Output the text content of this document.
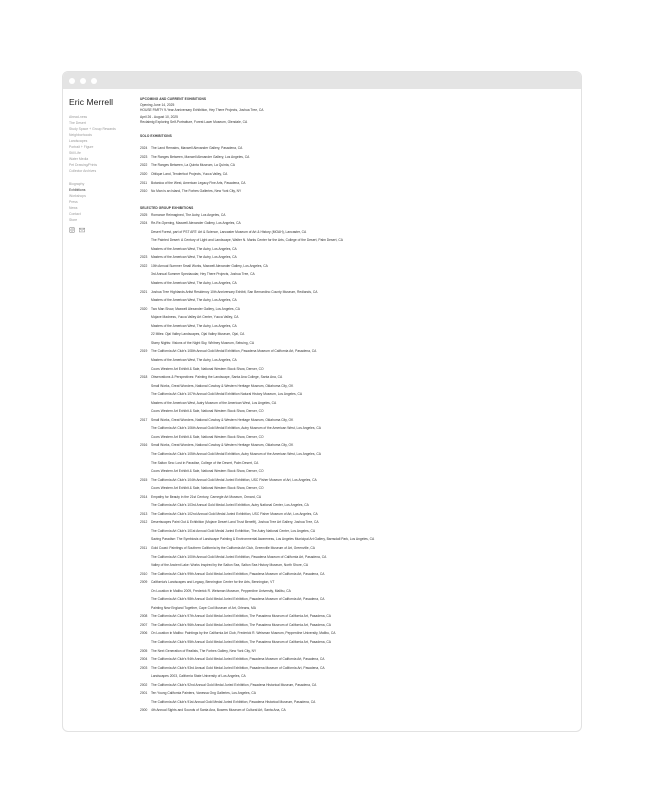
Eric Merrell
Ahead-ness
The Desert
Study Space + Group Rewards
Neighborhoods
Landscapes
Portrait + Figure
Still Life
Water Media
Pet Drawing/Prints
Collector Archives
Biography
Exhibitions
Workshops
Press
News
Contact
Store
UPCOMING AND CURRENT EXHIBITIONS
Opening June 14, 2025
HOUSE PARTY 9-Year Anniversary Exhibition, Hey There Projects, Joshua Tree, CA
April 26 - August 10, 2025
Reclaimig Exploring Self-Portraiture, Forest Lawn Museum, Glendale, CA
SOLO EXHIBITIONS
2024	The Land Remains, Maxwell Alexander Gallery, Pasadena, CA
2023	The Ranges Between, Maxwell Alexander Gallery, Los Angeles, CA
2022	The Ranges Between, La Quinta Museum, La Quinta, CA
2020	Oblique Land, Tenderfoot Projects, Yucca Valley, CA
2011	Botanica of the West, American Legacy Fine Arts, Pasadena, CA
2010	No Man is an Island, The Forbes Galleries, New York City, NY
SELECTED GROUP EXHIBITIONS
2025	Romance Reimagined, The Autry, Los Angeles, CA
2024	Re-Re-Opening, Maxwell Alexander Gallery, Los Angeles, CA
Desert Forest, part of PST ART: Art & Science, Lancaster Museum of Art & History (MOAH), Lancaster, CA
The Painted Desert: A Century of Light and Landscape, Walter N. Marks Center for the Arts, College of the Desert, Palm Desert, CA
Masters of the American West, The Autry, Los Angeles, CA
2023	Masters of the American West, The Autry, Los Angeles, CA
2022	10th Annual Summer Small Works, Maxwell Alexander Gallery, Los Angeles, CA
3rd Annual Summer Spectacular, Hey There Projects, Joshua Tree, CA
Masters of the American West, The Autry, Los Angeles, CA
2021	Joshua Tree Highlands Artist Residency 10th Anniversary Exhibit, San Bernardino County Museum, Redlands, CA
Masters of the American West, The Autry, Los Angeles, CA
2020	Two Man Show, Maxwell Alexander Gallery, Los Angeles, CA
Mojave Madness, Yucca Valley Art Center, Yucca Valley, CA
Masters of the American West, The Autry, Los Angeles, CA
22 Miles: Ojai Valley Landscapes, Ojai Valley Museum, Ojai, CA
Starry Nights: Visions of the Night Sky, Whitney Museum, Sebuing, CA
2019	The California Art Club's 108th Annual Gold Medal Exhibition, Pasadena Museum of California Art, Pasadena, CA
Masters of the American West, The Autry, Los Angeles, CA
Coors Western Art Exhibit & Sale, National Western Stock Show, Denver, CO
2018	Observations & Perspectives: Painting the Landscape, Santa Ana College, Santa Ana, CA
Small Works, Great Wonders, National Cowboy & Western Heritage Museum, Oklahoma City, OK
The California Art Club's 107th Annual Gold Medal Exhibition Natural History Museum, Los Angeles, CA
Masters of the American West, Autry Museum of the American West, Los Angeles, CA
Coors Western Art Exhibit & Sale, National Western Stock Show, Denver, CO
2017	Small Works, Great Wonders, National Cowboy & Western Heritage Museum, Oklahoma City, OK
The California Art Club's 106th Annual Gold Medal Exhibition, Autry Museum of the American West, Los Angeles, CA
Coors Western Art Exhibit & Sale, National Western Stock Show, Denver, CO
2016	Small Works, Great Wonders, National Cowboy & Western Heritage Museum, Oklahoma City, OK
The California Art Club's 105th Annual Gold Medal Exhibition, Autry Museum of the American West, Los Angeles, CA
The Salton Sea: Lost in Paradise, College of the Desert, Palm Desert, CA
Coors Western Art Exhibit & Sale, National Western Stock Show, Denver, CO
2015	The California Art Club's 104th Annual Gold Medal Juried Exhibition, USC Fisher Museum of Art, Los Angeles, CA
Coors Western Art Exhibit & Sale, National Western Stock Show, Denver, CO
2014	Empathy for Beauty in the 21st Century, Carnegie Art Museum, Oxnard, CA
The California Art Club's 103rd Annual Gold Medal Juried Exhibition, Autry National Center, Los Angeles, CA
2013	The California Art Club's 102nd Annual Gold Medal Juried Exhibition, USC Fisher Museum of Art, Los Angeles, CA
2012	Desertscapes Paint Out & Exhibition (Mojave Desert Land Trust Benefit), Joshua Tree Art Gallery, Joshua Tree, CA
The California Art Club's 101st Annual Gold Medal Juried Exhibition, The Autry National Center, Los Angeles, CA
Saving Paradise: The Symbiosis of Landscape Painting & Environmental Awareness, Los Angeles Municipal Art Gallery, Barnsdall Park, Los Angeles, CA
2011	Gold Coast: Paintings of Southern California by the California Art Club, Greenville Museum of Art, Greenville, CA
The California Art Club's 100th Annual Gold Medal Juried Exhibition, Pasadena Museum of California Art, Pasadena, CA
Valley of the Ancient Lake: Works Inspired by the Salton Sea, Salton Sea History Museum, North Shore, CA
2010	The California Art Club's 99th Annual Gold Medal Juried Exhibition, Pasadena Museum of California Art, Pasadena, CA
2009	California's Landscapes and Legacy, Bennington Center for the Arts, Bennington, VT
On Location in Malibu 2009, Frederick R. Weisman Museum, Pepperdine University, Malibu, CA
The California Art Club's 98th Annual Gold Medal Juried Exhibition, Pasadena Museum of California Art, Pasadena, CA
Painting New England Together, Cape Cod Museum of Art, Orleans, MA
2008	The California Art Club's 97th Annual Gold Medal Juried Exhibition, The Pasadena Museum of California Art, Pasadena, CA
2007	The California Art Club's 96th Annual Gold Medal Juried Exhibition, The Pasadena Museum of California Art, Pasadena, CA
2006	On Location in Malibu: Paintings by the California Art Club, Frederick R. Weisman Museum, Pepperdine University, Malibu, CA
The California Art Club's 95th Annual Gold Medal Juried Exhibition, The Pasadena Museum of California Art, Pasadena, CA
2005	The Next Generation of Realists, The Forbes Gallery, New York City, NY
2004	The California Art Club's 94th Annual Gold Medal Juried Exhibition, Pasadena Museum of California Art, Pasadena, CA
2003	The California Art Club's 93rd Annual Gold Medal Juried Exhibition, Pasadena Museum of California Art, Pasadena, CA
Landscapes 2003, California State University of Los Angeles, CA
2002	The California Art Club's 92nd Annual Gold Medal Juried Exhibition, Pasadena Historical Museum, Pasadena, CA
2001	Ten Young California Painters, Vanessa Ong Galleries, Los Angeles, CA
The California Art Club's 91st Annual Gold Medal Juried Exhibition, Pasadena Historical Museum, Pasadena, CA
2000	4th Annual Sights and Sounds of Santa Ana, Bowers Museum of Cultural Art, Santa Ana, CA
